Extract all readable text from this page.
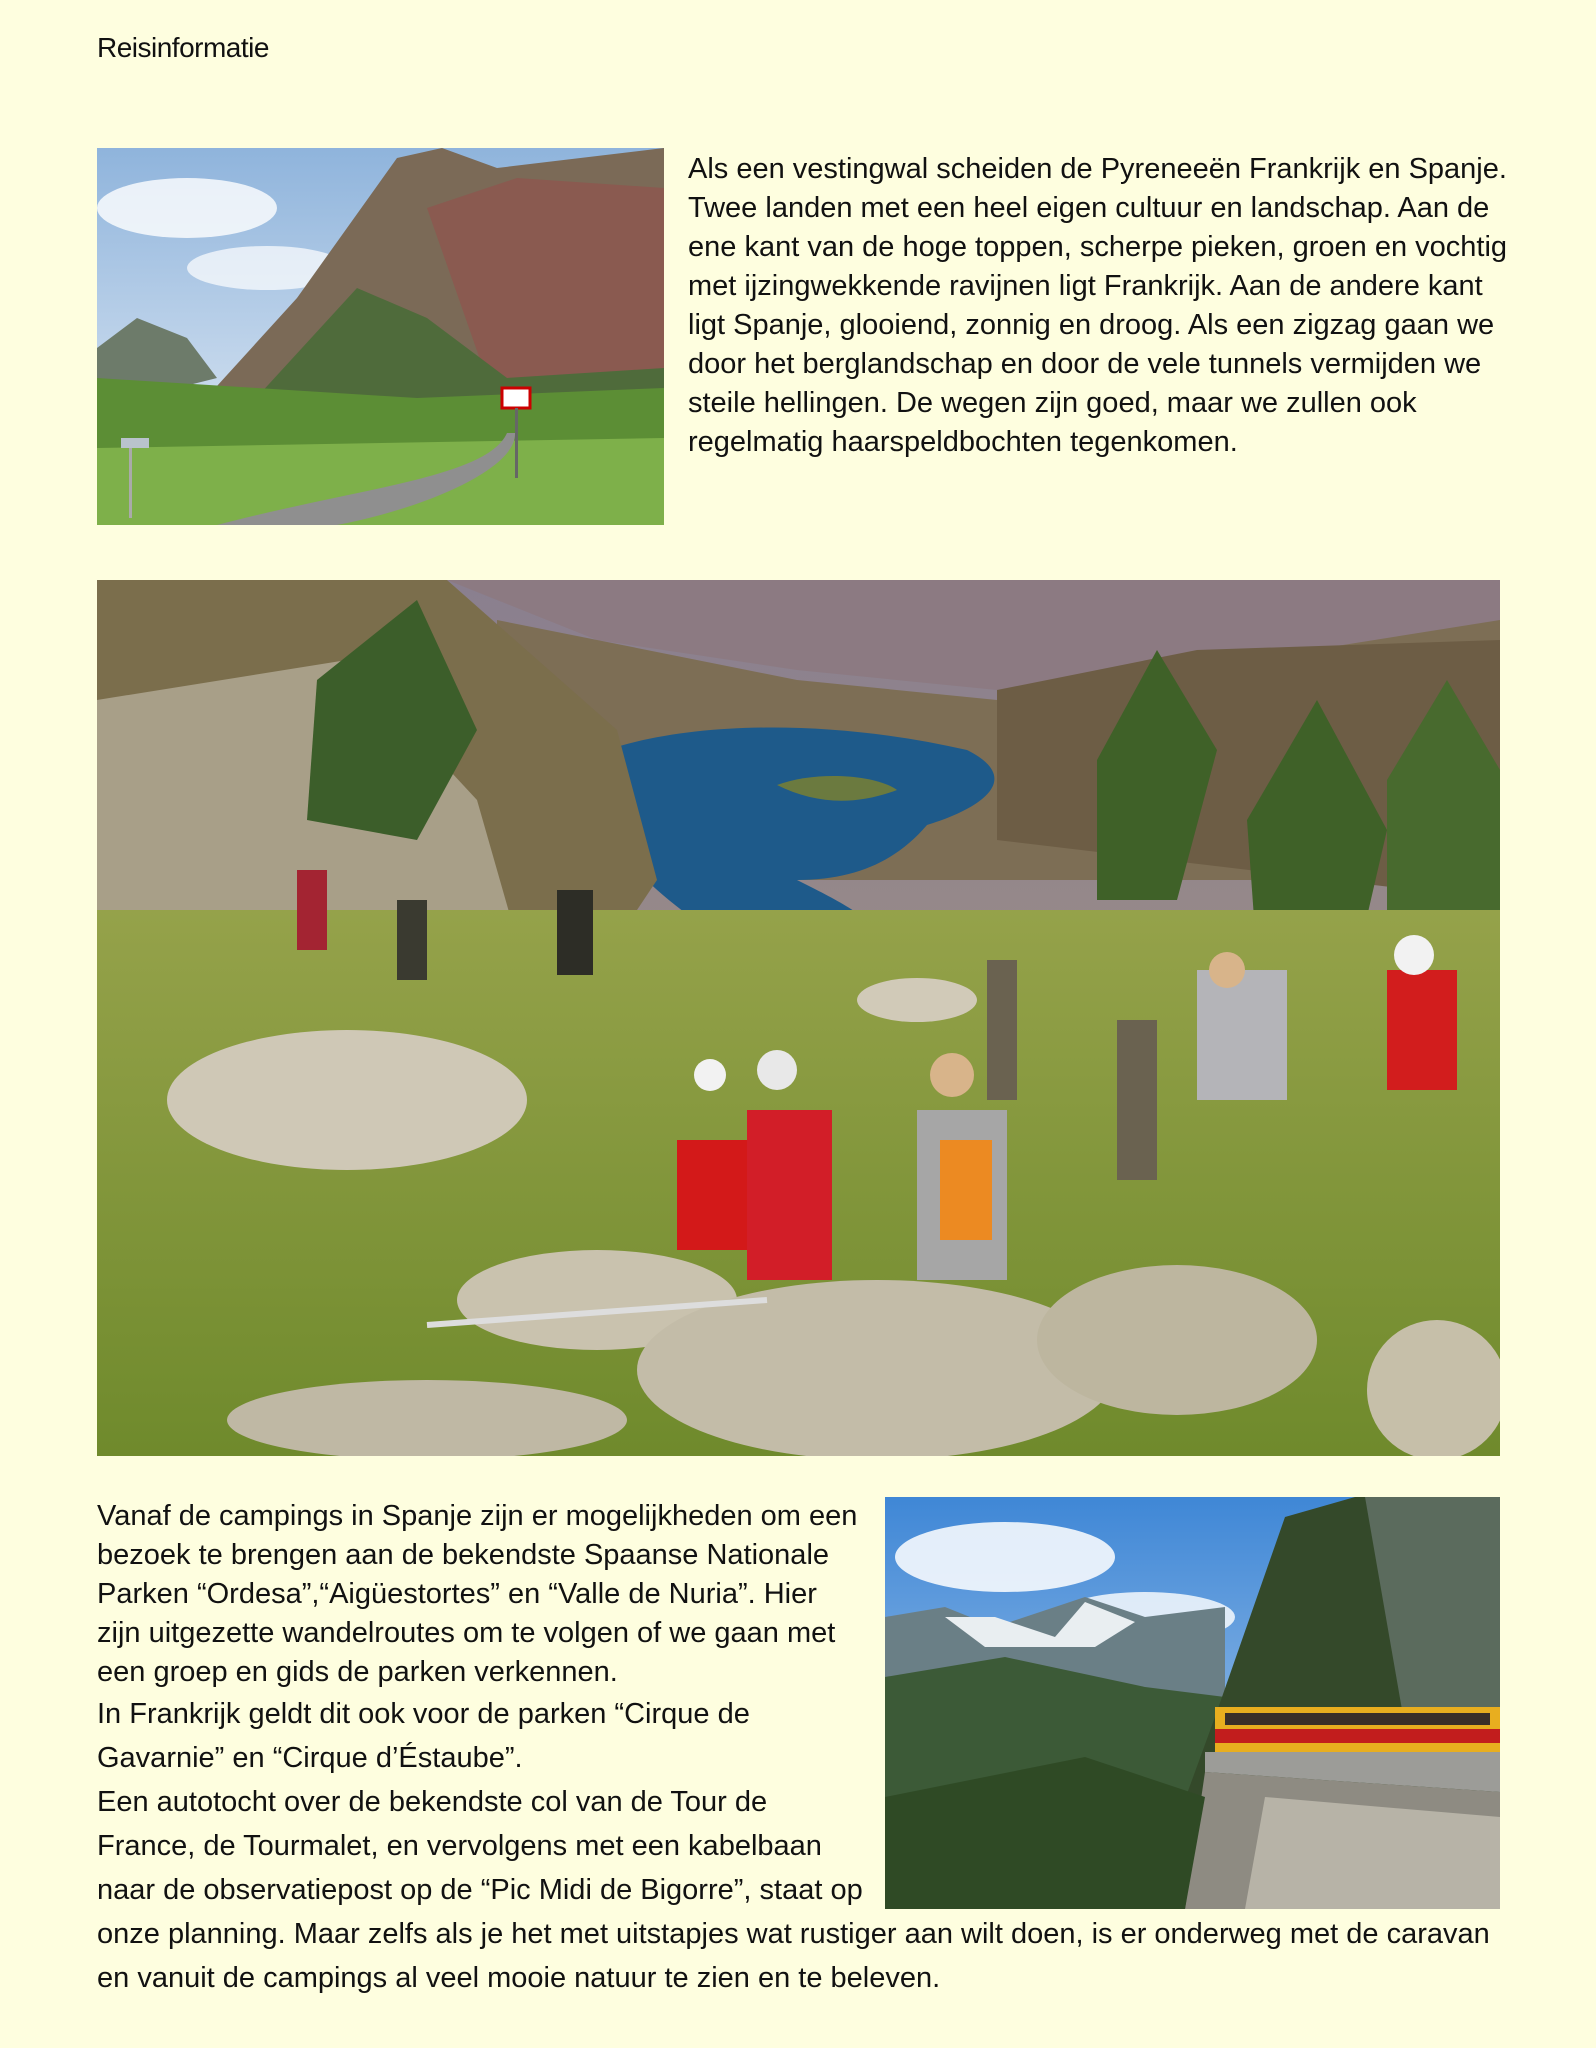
Reisinformatie

Als een vestingwal scheiden de Pyreneeën Frankrijk en Spanje. Twee landen met een heel eigen cultuur en landschap. Aan de ene kant van de hoge toppen, scherpe pieken, groen en vochtig met ijzingwekkende ravijnen ligt Frankrijk. Aan de andere kant ligt Spanje, glooiend, zonnig en droog. Als een zigzag gaan we door het berglandschap en door de vele tunnels vermijden we steile hellingen. De wegen zijn goed, maar we zullen ook regelmatig haarspeldbochten tegenkomen.

Vanaf de campings in Spanje zijn er mogelijkheden om een bezoek te brengen aan de bekendste Spaanse Nationale Parken “Ordesa”,“Aigüestortes” en “Valle de Nuria”. Hier zijn uitgezette wandelroutes om te volgen of we gaan met een groep en gids de parken verkennen.

In Frankrijk geldt dit ook voor de parken “Cirque de Gavarnie” en “Cirque d’Éstaube”.

Een autotocht over de bekendste col van de Tour de France, de Tourmalet, en vervolgens met een kabelbaan naar de observatiepost op de “Pic Midi de Bigorre”, staat op onze planning. Maar zelfs als je het met uitstapjes wat rustiger aan wilt doen, is er onderweg met de caravan en vanuit de campings al veel mooie natuur te zien en te beleven.
